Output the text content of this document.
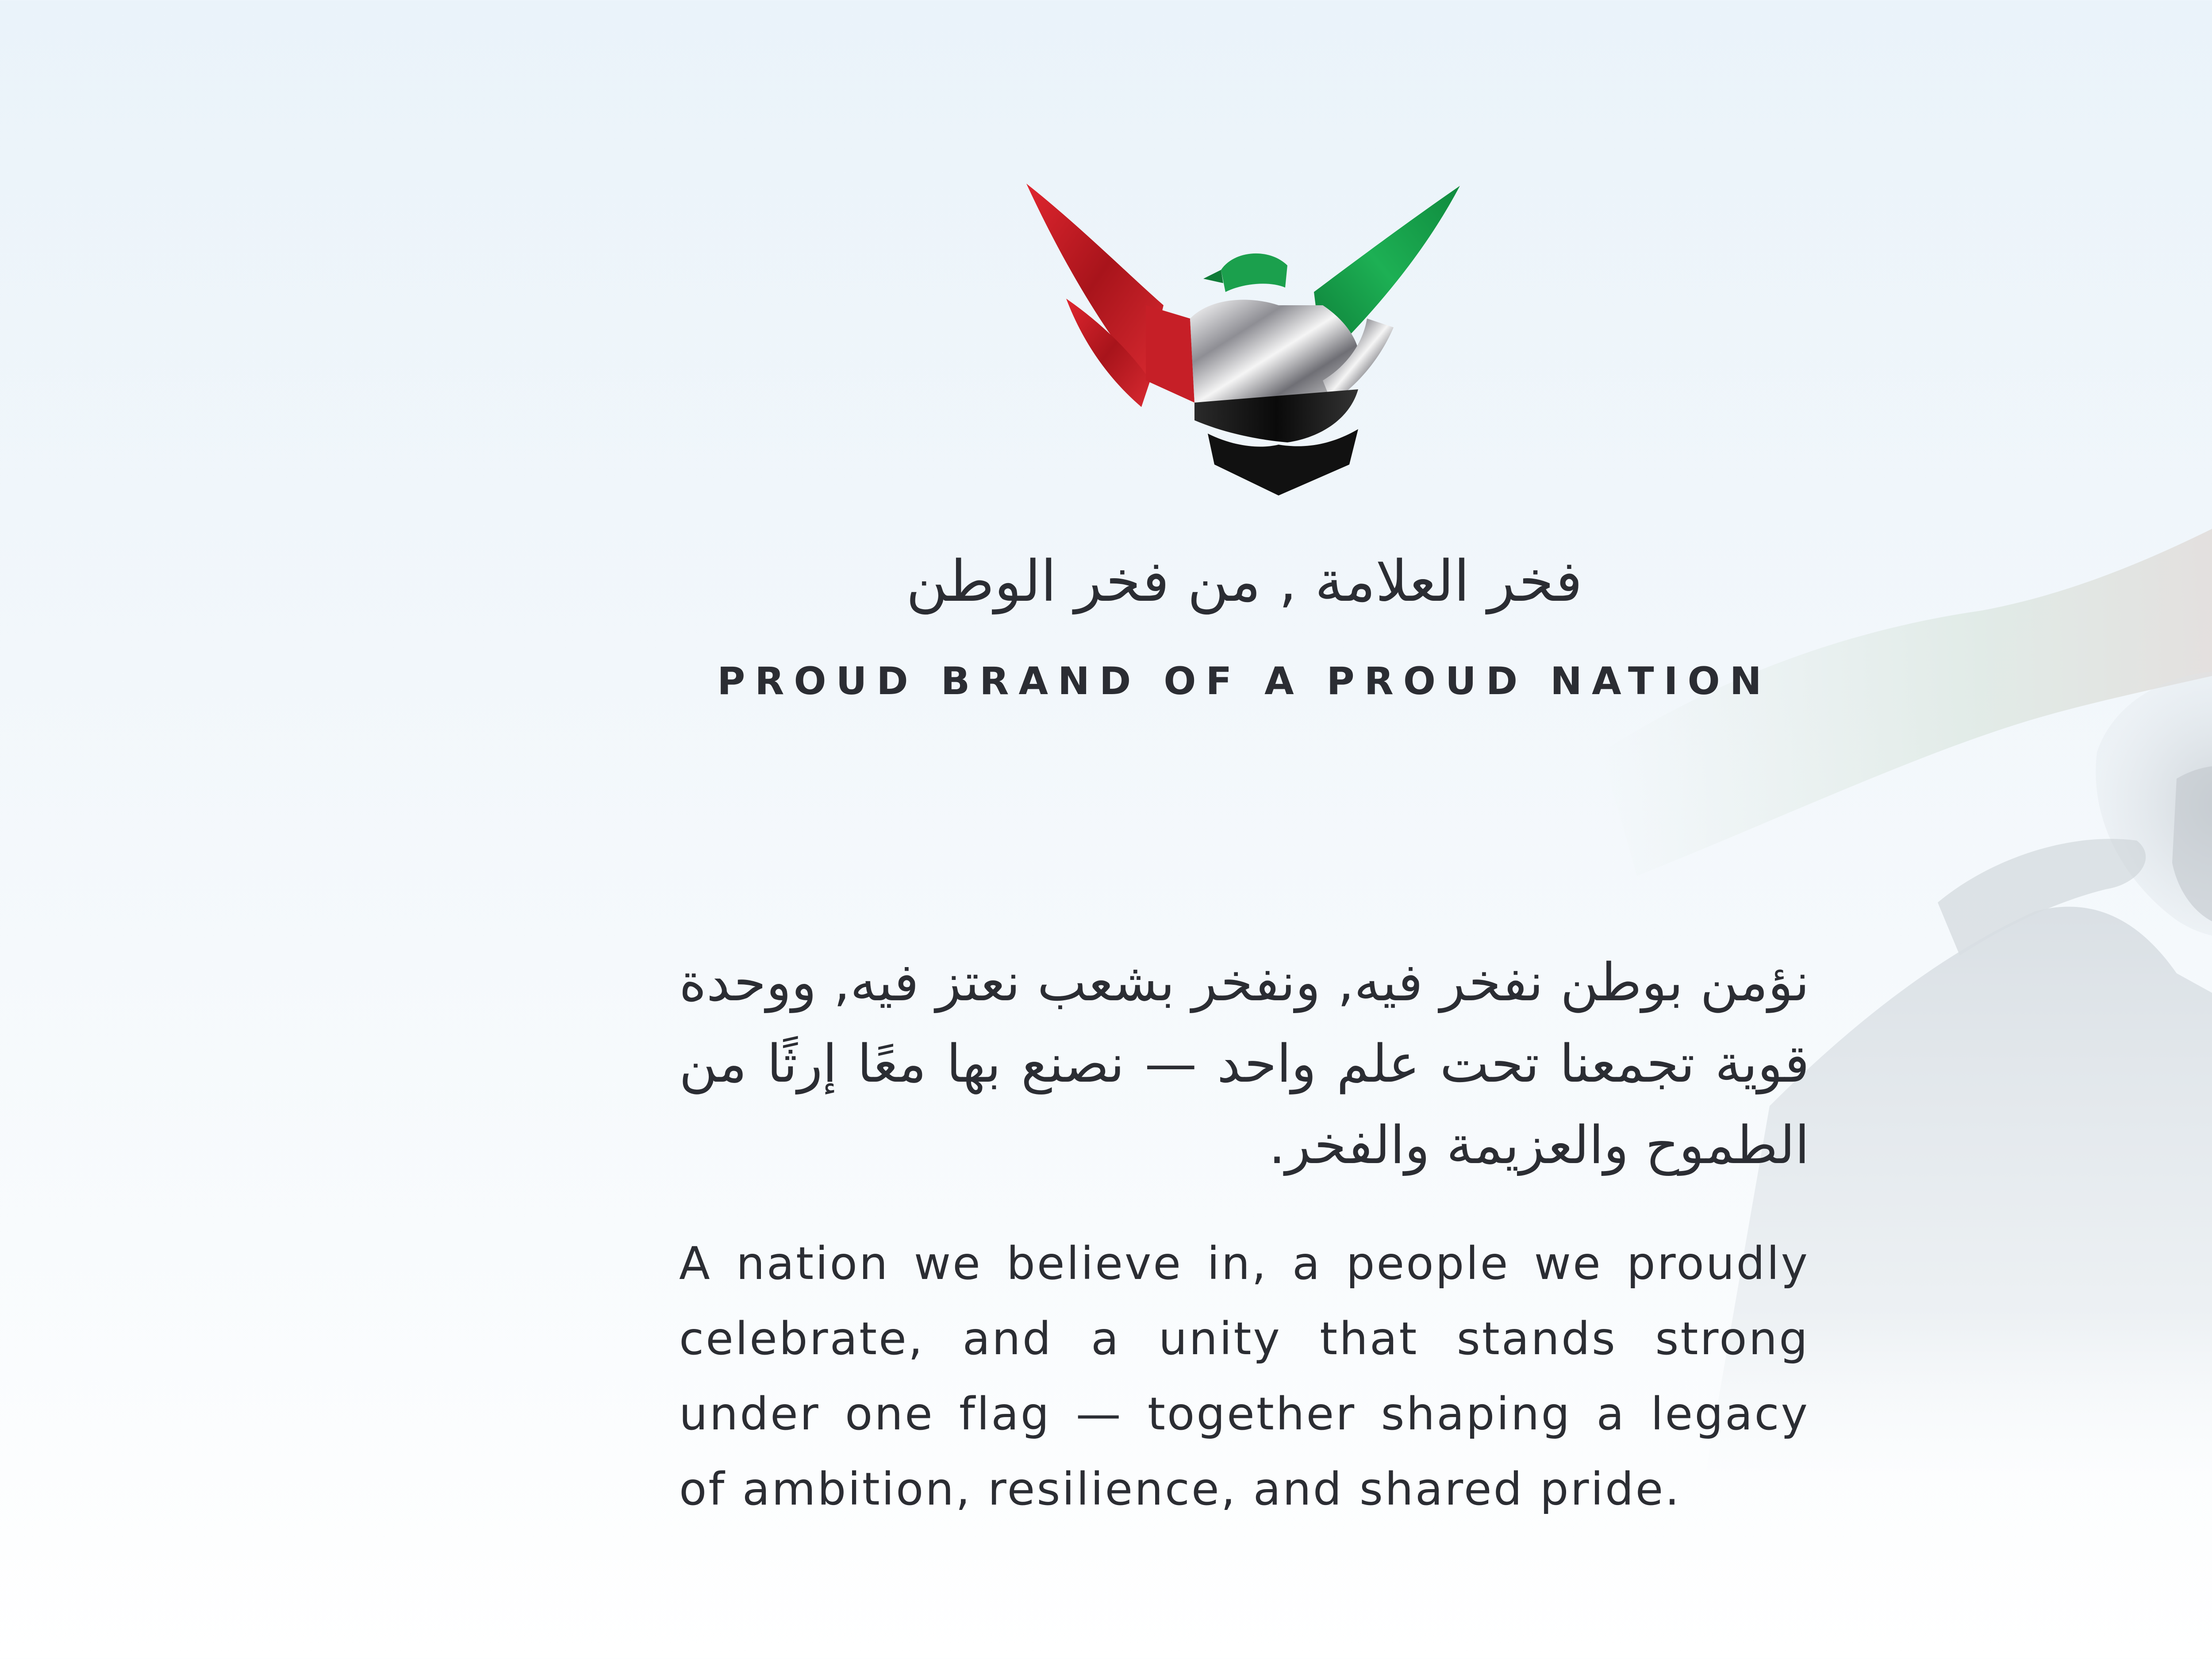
فخر العلامة , من فخر الوطن
PROUD BRAND OF A PROUD NATION

نؤمن بوطن نفخر فيه, ونفخر بشعب نعتز فيه, ووحدة قوية تجمعنا تحت علم واحد — نصنع بها معًا إرثًا من الطموح والعزيمة والفخر.

A nation we believe in, a people we proudly celebrate, and a unity that stands strong under one flag — together shaping a legacy of ambition, resilience, and shared pride.
